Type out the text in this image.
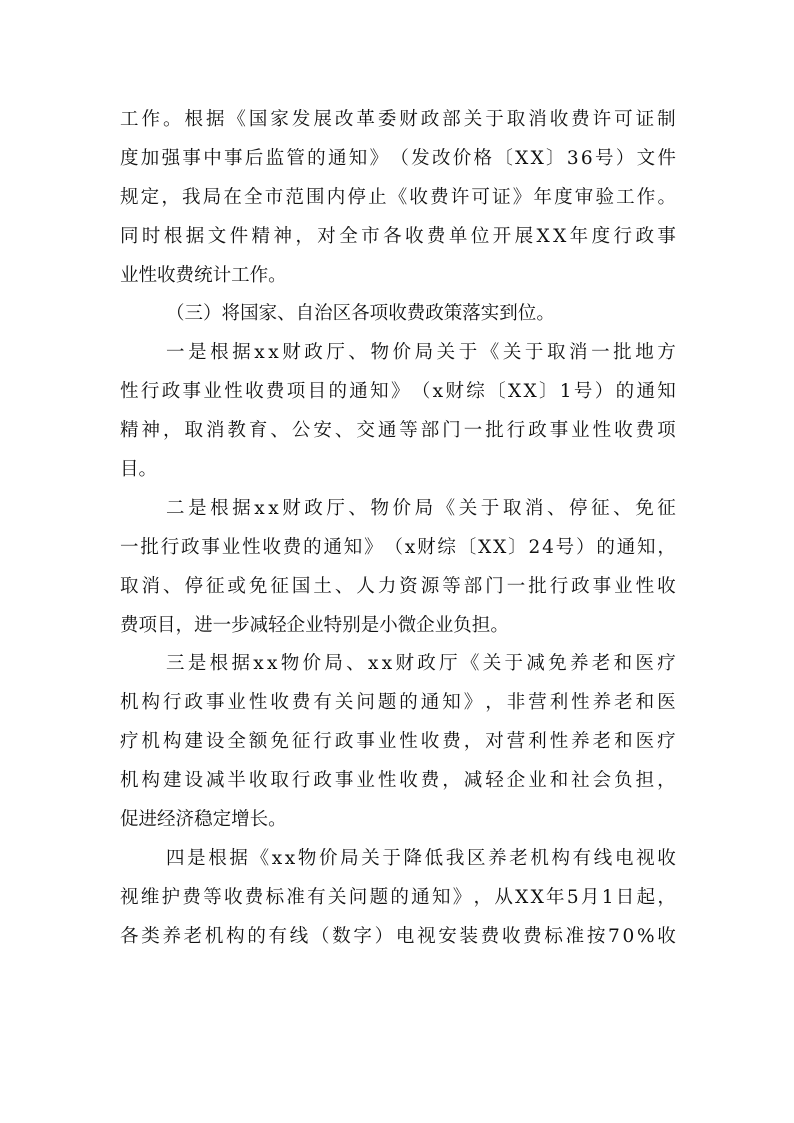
工 作 。 根 据 《 国 家 发 展 改 革 委 财 政 部 关 于 取 消 收 费 许 可 证 制
度 加 强 事 中 事 后 监 管 的 通 知 》 （ 发 改 价 格 〔 X X 〕 3 6 号 ） 文 件
规 定 ， 我 局 在 全 市 范 围 内 停 止 《 收 费 许 可 证 》 年 度 审 验 工 作 。
同 时 根 据 文 件 精 神 ， 对 全 市 各 收 费 单 位 开 展 X X 年 度 行 政 事
业 性 收 费 统 计 工 作 。
（ 三 ） 将 国 家 、 自 治 区 各 项 收 费 政 策 落 实 到 位 。
一 是 根 据 x x 财 政 厅 、 物 价 局 关 于 《 关 于 取 消 一 批 地 方
性 行 政 事 业 性 收 费 项 目 的 通 知 》 （ x 财 综 〔 X X 〕 1 号 ） 的 通 知
精 神 ， 取 消 教 育 、 公 安 、 交 通 等 部 门 一 批 行 政 事 业 性 收 费 项
目 。
二 是 根 据 x x 财 政 厅 、 物 价 局 《 关 于 取 消 、 停 征 、 免 征
一 批 行 政 事 业 性 收 费 的 通 知 》 （ x 财 综 〔 X X 〕 2 4 号 ） 的 通 知 ，
取 消 、 停 征 或 免 征 国 土 、 人 力 资 源 等 部 门 一 批 行 政 事 业 性 收
费 项 目 ， 进 一 步 减 轻 企 业 特 别 是 小 微 企 业 负 担 。
三 是 根 据 x x 物 价 局 、 x x 财 政 厅 《 关 于 减 免 养 老 和 医 疗
机 构 行 政 事 业 性 收 费 有 关 问 题 的 通 知 》 ， 非 营 利 性 养 老 和 医
疗 机 构 建 设 全 额 免 征 行 政 事 业 性 收 费 ， 对 营 利 性 养 老 和 医 疗
机 构 建 设 减 半 收 取 行 政 事 业 性 收 费 ， 减 轻 企 业 和 社 会 负 担 ，
促 进 经 济 稳 定 增 长 。
四 是 根 据 《 x x 物 价 局 关 于 降 低 我 区 养 老 机 构 有 线 电 视 收
视 维 护 费 等 收 费 标 准 有 关 问 题 的 通 知 》 ， 从 X X 年 5 月 1 日 起 ，
各 类 养 老 机 构 的 有 线 （ 数 字 ） 电 视 安 装 费 收 费 标 准 按 7 0 % 收
